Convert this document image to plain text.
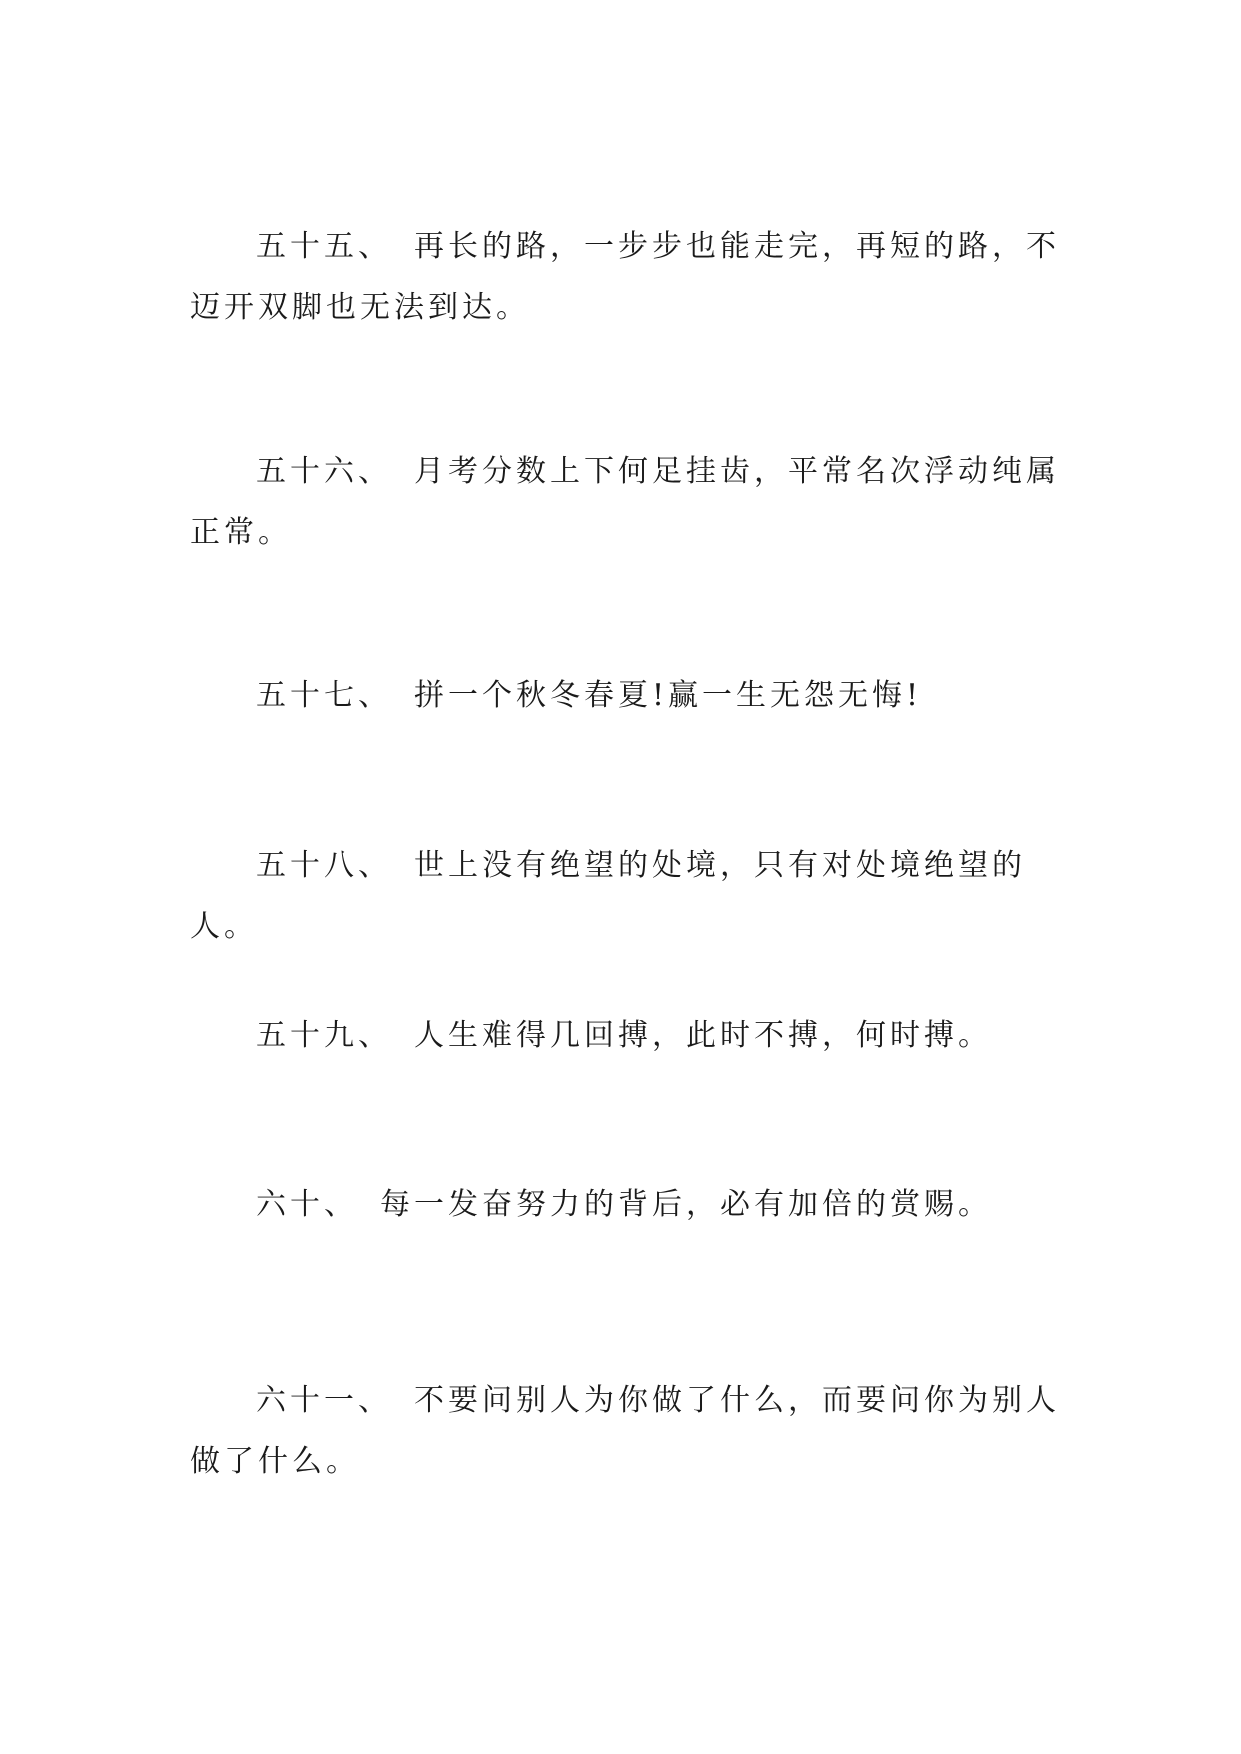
五十五、 再长的路，一步步也能走完，再短的路，不迈开双脚也无法到达。

五十六、 月考分数上下何足挂齿，平常名次浮动纯属正常。

五十七、 拼一个秋冬春夏!赢一生无怨无悔!

五十八、 世上没有绝望的处境，只有对处境绝望的人。

五十九、 人生难得几回搏，此时不搏，何时搏。

六十、 每一发奋努力的背后，必有加倍的赏赐。

六十一、 不要问别人为你做了什么，而要问你为别人做了什么。
